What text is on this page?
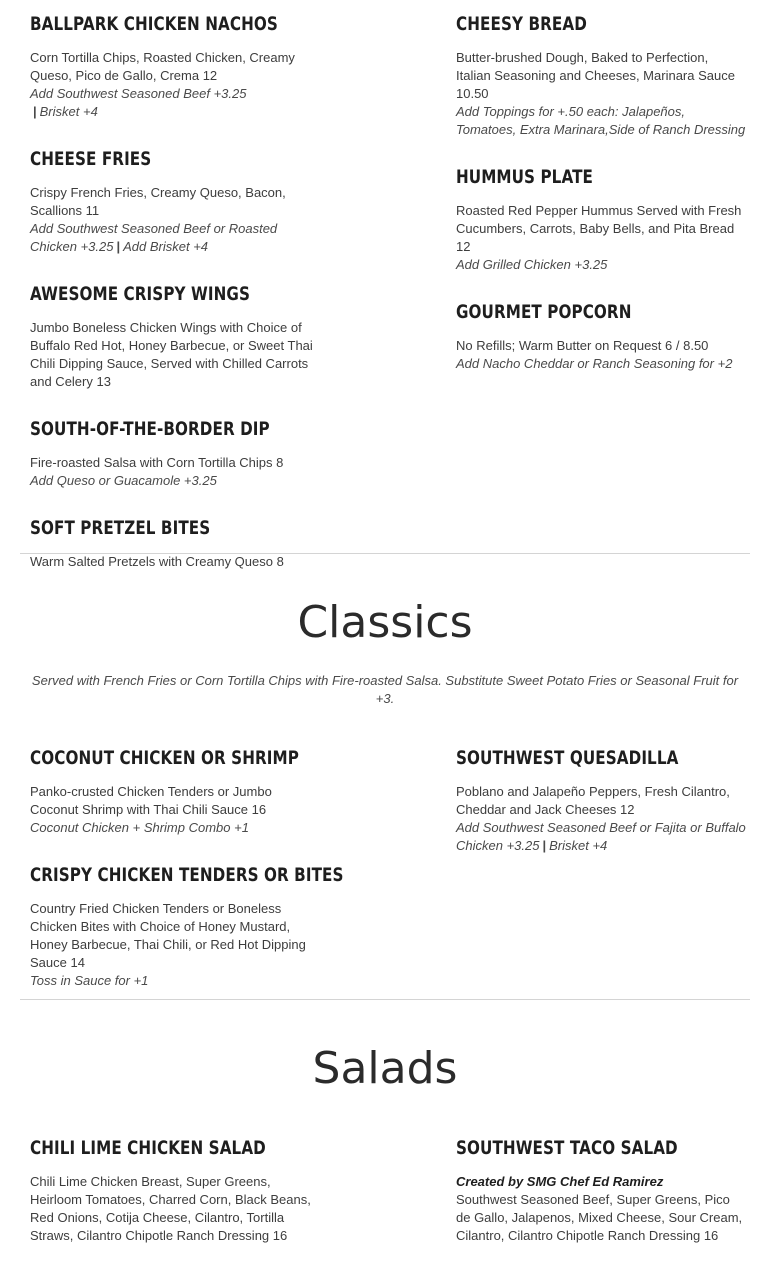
BALLPARK CHICKEN NACHOS

Corn Tortilla Chips, Roasted Chicken, Creamy Queso, Pico de Gallo, Crema 12

Add Southwest Seasoned Beef +3.25
| Brisket +4

CHEESE FRIES

Crispy French Fries, Creamy Queso, Bacon, Scallions 11

Add Southwest Seasoned Beef or Roasted Chicken +3.25 | Add Brisket +4

AWESOME CRISPY WINGS

Jumbo Boneless Chicken Wings with Choice of Buffalo Red Hot, Honey Barbecue, or Sweet Thai Chili Dipping Sauce, Served with Chilled Carrots and Celery 13

SOUTH-OF-THE-BORDER DIP

Fire-roasted Salsa with Corn Tortilla Chips 8

Add Queso or Guacamole +3.25

SOFT PRETZEL BITES

Warm Salted Pretzels with Creamy Queso 8

CHEESY BREAD

Butter-brushed Dough, Baked to Perfection, Italian Seasoning and Cheeses, Marinara Sauce 10.50

Add Toppings for +.50 each: Jalapeños, Tomatoes, Extra Marinara,Side of Ranch Dressing

HUMMUS PLATE

Roasted Red Pepper Hummus Served with Fresh Cucumbers, Carrots, Baby Bells, and Pita Bread 12

Add Grilled Chicken +3.25

GOURMET POPCORN

No Refills; Warm Butter on Request 6 / 8.50

Add Nacho Cheddar or Ranch Seasoning for +2

Classics

Served with French Fries or Corn Tortilla Chips with Fire-roasted Salsa. Substitute Sweet Potato Fries or Seasonal Fruit for +3.

COCONUT CHICKEN OR SHRIMP

Panko-crusted Chicken Tenders or Jumbo Coconut Shrimp with Thai Chili Sauce 16

Coconut Chicken + Shrimp Combo +1

CRISPY CHICKEN TENDERS OR BITES

Country Fried Chicken Tenders or Boneless Chicken Bites with Choice of Honey Mustard, Honey Barbecue, Thai Chili, or Red Hot Dipping Sauce 14

Toss in Sauce for +1

SOUTHWEST QUESADILLA

Poblano and Jalapeño Peppers, Fresh Cilantro, Cheddar and Jack Cheeses 12

Add Southwest Seasoned Beef or Fajita or Buffalo Chicken +3.25 | Brisket +4

Salads
CHILI LIME CHICKEN SALAD

Chili Lime Chicken Breast, Super Greens, Heirloom Tomatoes, Charred Corn, Black Beans, Red Onions, Cotija Cheese, Cilantro, Tortilla Straws, Cilantro Chipotle Ranch Dressing 16

SOUTHWEST TACO SALAD

Created by SMG Chef Ed Ramirez

Southwest Seasoned Beef, Super Greens, Pico de Gallo, Jalapenos, Mixed Cheese, Sour Cream, Cilantro, Cilantro Chipotle Ranch Dressing 16
